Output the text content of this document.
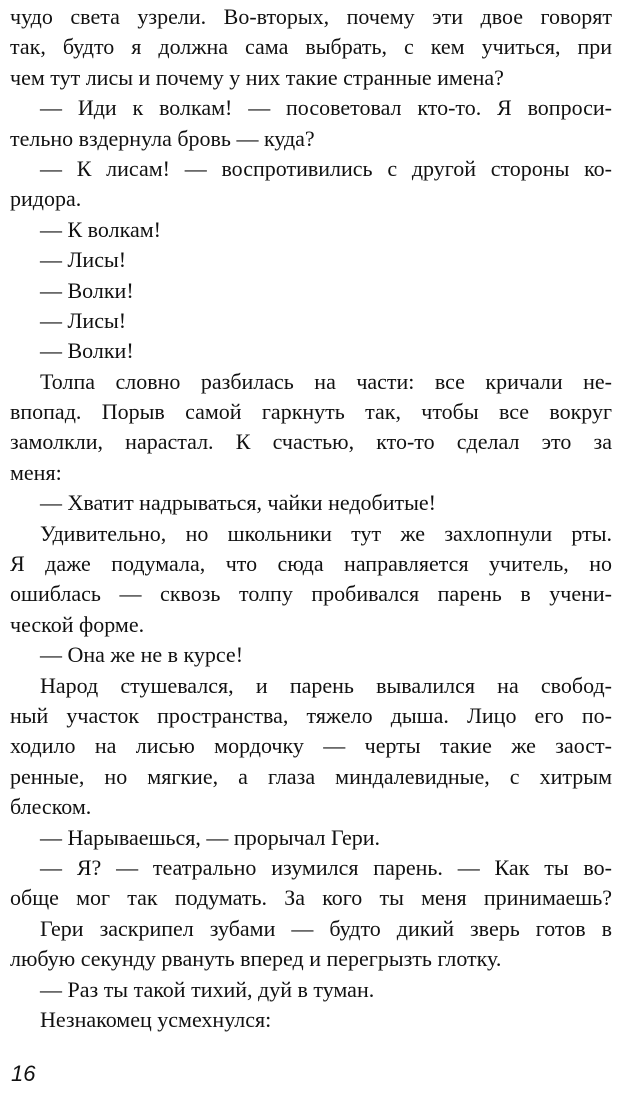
чудо света узрели. Во-вторых, почему эти двое говорят
так, будто я должна сама выбрать, с кем учиться, при
чем тут лисы и почему у них такие странные имена?
— Иди к волкам! — посоветовал кто-то. Я вопроси-
тельно вздернула бровь — куда?
— К лисам! — воспротивились с другой стороны ко-
ридора.
— К волкам!
— Лисы!
— Волки!
— Лисы!
— Волки!
Толпа словно разбилась на части: все кричали не-
впопад. Порыв самой гаркнуть так, чтобы все вокруг
замолкли, нарастал. К счастью, кто-то сделал это за
меня:
— Хватит надрываться, чайки недобитые!
Удивительно, но школьники тут же захлопнули рты.
Я даже подумала, что сюда направляется учитель, но
ошиблась — сквозь толпу пробивался парень в учени-
ческой форме.
— Она же не в курсе!
Народ стушевался, и парень вывалился на свобод-
ный участок пространства, тяжело дыша. Лицо его по-
ходило на лисью мордочку — черты такие же заост-
ренные, но мягкие, а глаза миндалевидные, с хитрым
блеском.
— Нарываешься, — прорычал Гери.
— Я? — театрально изумился парень. — Как ты во-
обще мог так подумать. За кого ты меня принимаешь?
Гери заскрипел зубами — будто дикий зверь готов в
любую секунду рвануть вперед и перегрызть глотку.
— Раз ты такой тихий, дуй в туман.
Незнакомец усмехнулся:
16
